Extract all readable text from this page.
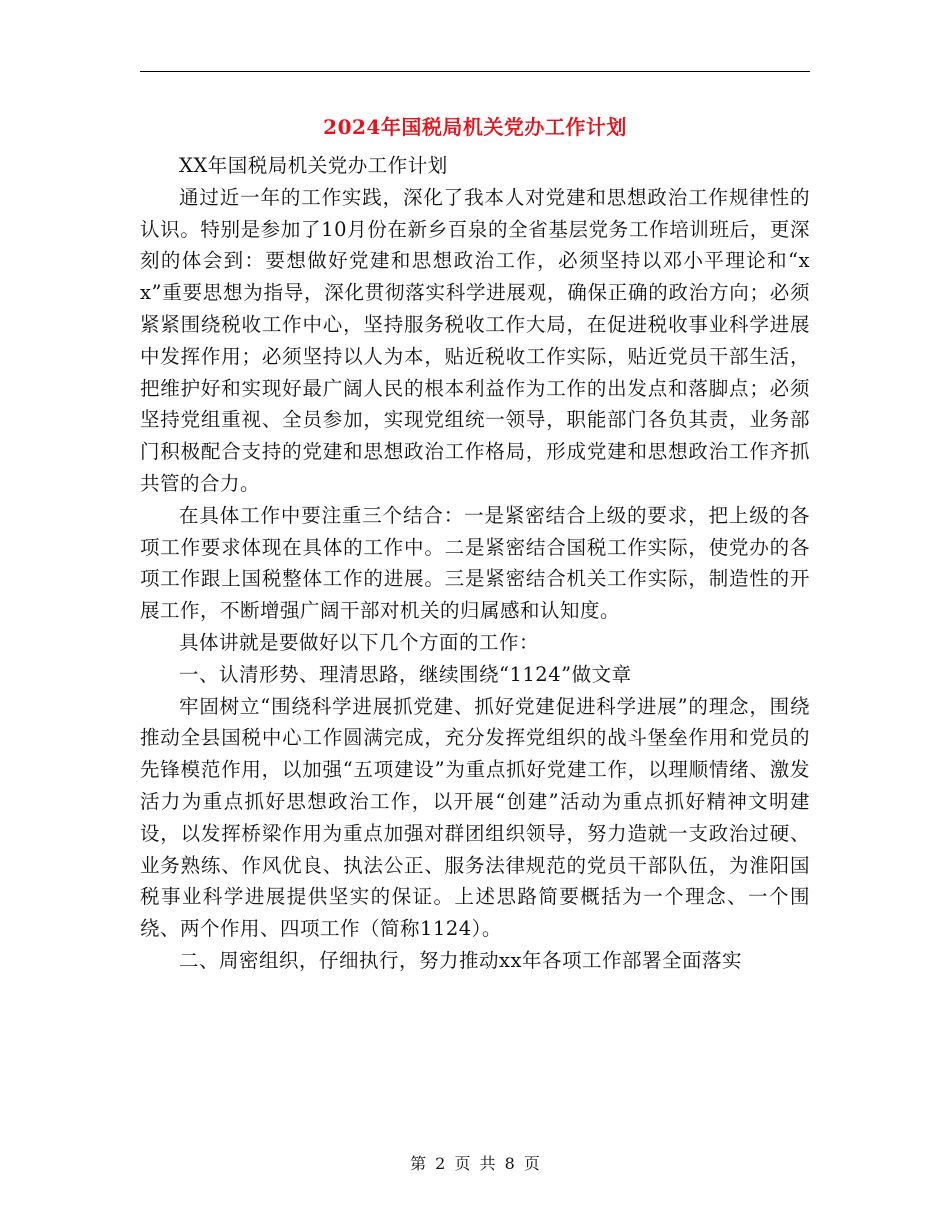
2024年国税局机关党办工作计划

XX年国税局机关党办工作计划

通过近一年的工作实践，深化了我本人对党建和思想政治工作规律性的认识。特别是参加了10月份在新乡百泉的全省基层党务工作培训班后，更深刻的体会到：要想做好党建和思想政治工作，必须坚持以邓小平理论和“xx”重要思想为指导，深化贯彻落实科学进展观，确保正确的政治方向；必须紧紧围绕税收工作中心，坚持服务税收工作大局，在促进税收事业科学进展中发挥作用；必须坚持以人为本，贴近税收工作实际，贴近党员干部生活，把维护好和实现好最广阔人民的根本利益作为工作的出发点和落脚点；必须坚持党组重视、全员参加，实现党组统一领导，职能部门各负其责，业务部门积极配合支持的党建和思想政治工作格局，形成党建和思想政治工作齐抓共管的合力。

在具体工作中要注重三个结合：一是紧密结合上级的要求，把上级的各项工作要求体现在具体的工作中。二是紧密结合国税工作实际，使党办的各项工作跟上国税整体工作的进展。三是紧密结合机关工作实际，制造性的开展工作，不断增强广阔干部对机关的归属感和认知度。

具体讲就是要做好以下几个方面的工作：

一、认清形势、理清思路，继续围绕“1124”做文章

牢固树立“围绕科学进展抓党建、抓好党建促进科学进展”的理念，围绕推动全县国税中心工作圆满完成，充分发挥党组织的战斗堡垒作用和党员的先锋模范作用，以加强“五项建设”为重点抓好党建工作，以理顺情绪、激发活力为重点抓好思想政治工作，以开展“创建”活动为重点抓好精神文明建设，以发挥桥梁作用为重点加强对群团组织领导，努力造就一支政治过硬、业务熟练、作风优良、执法公正、服务法律规范的党员干部队伍，为淮阳国税事业科学进展提供坚实的保证。上述思路简要概括为一个理念、一个围绕、两个作用、四项工作（简称1124）。

二、周密组织，仔细执行，努力推动xx年各项工作部署全面落实

第 2 页 共 8 页
